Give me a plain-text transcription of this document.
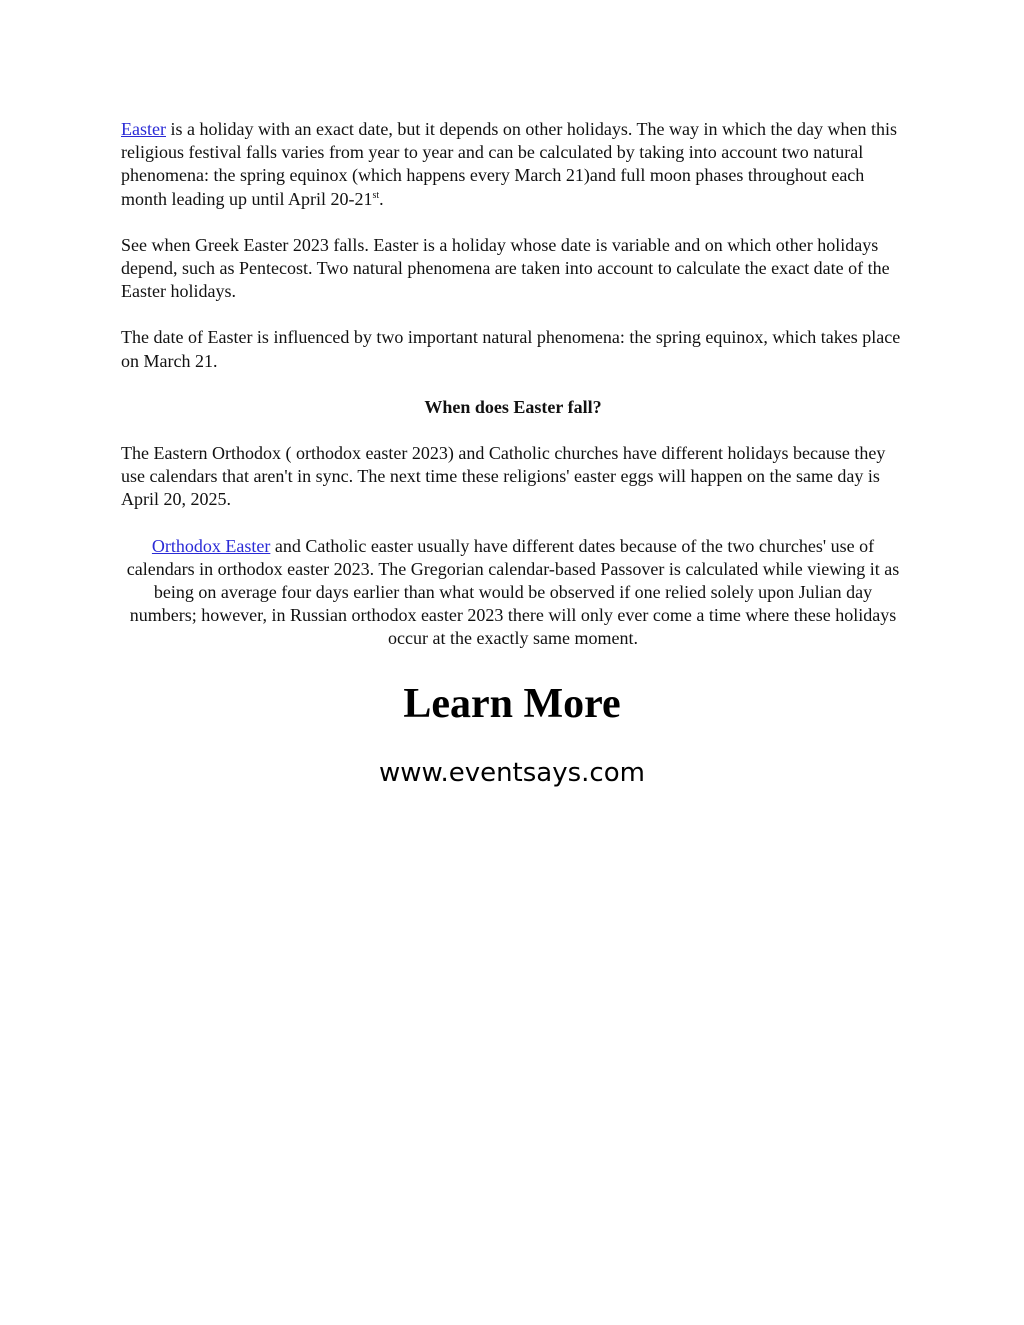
Easter is a holiday with an exact date, but it depends on other holidays. The way in which the day when this religious festival falls varies from year to year and can be calculated by taking into account two natural phenomena: the spring equinox (which happens every March 21)and full moon phases throughout each month leading up until April 20-21st.

See when Greek Easter 2023 falls. Easter is a holiday whose date is variable and on which other holidays depend, such as Pentecost. Two natural phenomena are taken into account to calculate the exact date of the Easter holidays.

The date of Easter is influenced by two important natural phenomena: the spring equinox, which takes place on March 21.

When does Easter fall?

The Eastern Orthodox ( orthodox easter 2023) and Catholic churches have different holidays because they use calendars that aren't in sync. The next time these religions' easter eggs will happen on the same day is April 20, 2025.

Orthodox Easter and Catholic easter usually have different dates because of the two churches' use of calendars in orthodox easter 2023. The Gregorian calendar-based Passover is calculated while viewing it as being on average four days earlier than what would be observed if one relied solely upon Julian day numbers; however, in Russian orthodox easter 2023 there will only ever come a time where these holidays occur at the exactly same moment.

Learn More
www.eventsays.com
